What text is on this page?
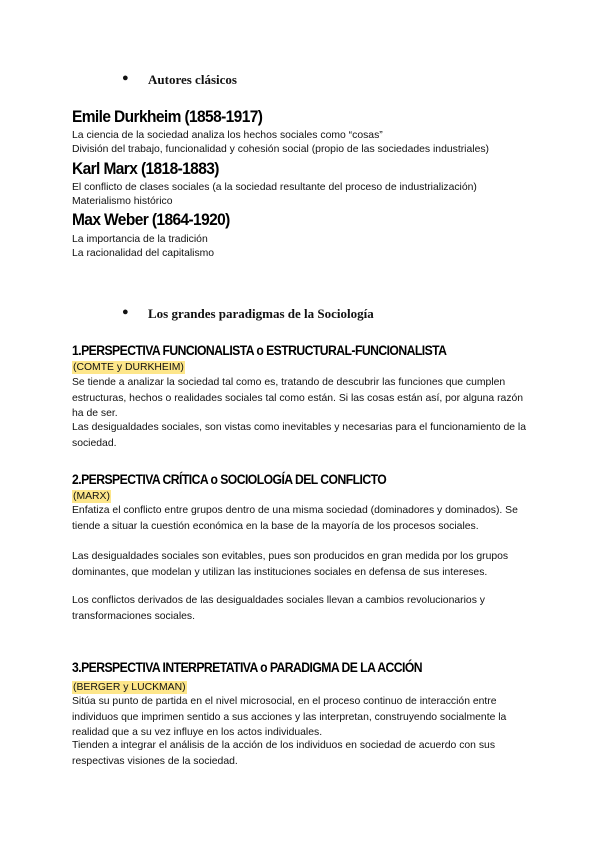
● Autores clásicos
Emile Durkheim (1858-1917)
La ciencia de la sociedad analiza los hechos sociales como “cosas”
División del trabajo, funcionalidad y cohesión social (propio de las sociedades industriales)
Karl Marx (1818-1883)
El conflicto de clases sociales (a la sociedad resultante del proceso de industrialización)
Materialismo histórico
Max Weber (1864-1920)
La importancia de la tradición
La racionalidad del capitalismo
● Los grandes paradigmas de la Sociología
1.PERSPECTIVA FUNCIONALISTA o ESTRUCTURAL-FUNCIONALISTA
(COMTE y DURKHEIM)
Se tiende a analizar la sociedad tal como es, tratando de descubrir las funciones que cumplen estructuras, hechos o realidades sociales tal como están. Si las cosas están así, por alguna razón ha de ser.
Las desigualdades sociales, son vistas como inevitables y necesarias para el funcionamiento de la sociedad.
2.PERSPECTIVA CRÍTICA o SOCIOLOGÍA DEL CONFLICTO
(MARX)
Enfatiza el conflicto entre grupos dentro de una misma sociedad (dominadores y dominados). Se tiende a situar la cuestión económica en la base de la mayoría de los procesos sociales.
Las desigualdades sociales son evitables, pues son producidos en gran medida por los grupos dominantes, que modelan y utilizan las instituciones sociales en defensa de sus intereses.
Los conflictos derivados de las desigualdades sociales llevan a cambios revolucionarios y transformaciones sociales.
3.PERSPECTIVA INTERPRETATIVA o PARADIGMA DE LA ACCIÓN
(BERGER y LUCKMAN)
Sitúa su punto de partida en el nivel microsocial, en el proceso continuo de interacción entre individuos que imprimen sentido a sus acciones y las interpretan, construyendo socialmente la realidad que a su vez influye en los actos individuales.
Tienden a integrar el análisis de la acción de los individuos en sociedad de acuerdo con sus respectivas visiones de la sociedad.
